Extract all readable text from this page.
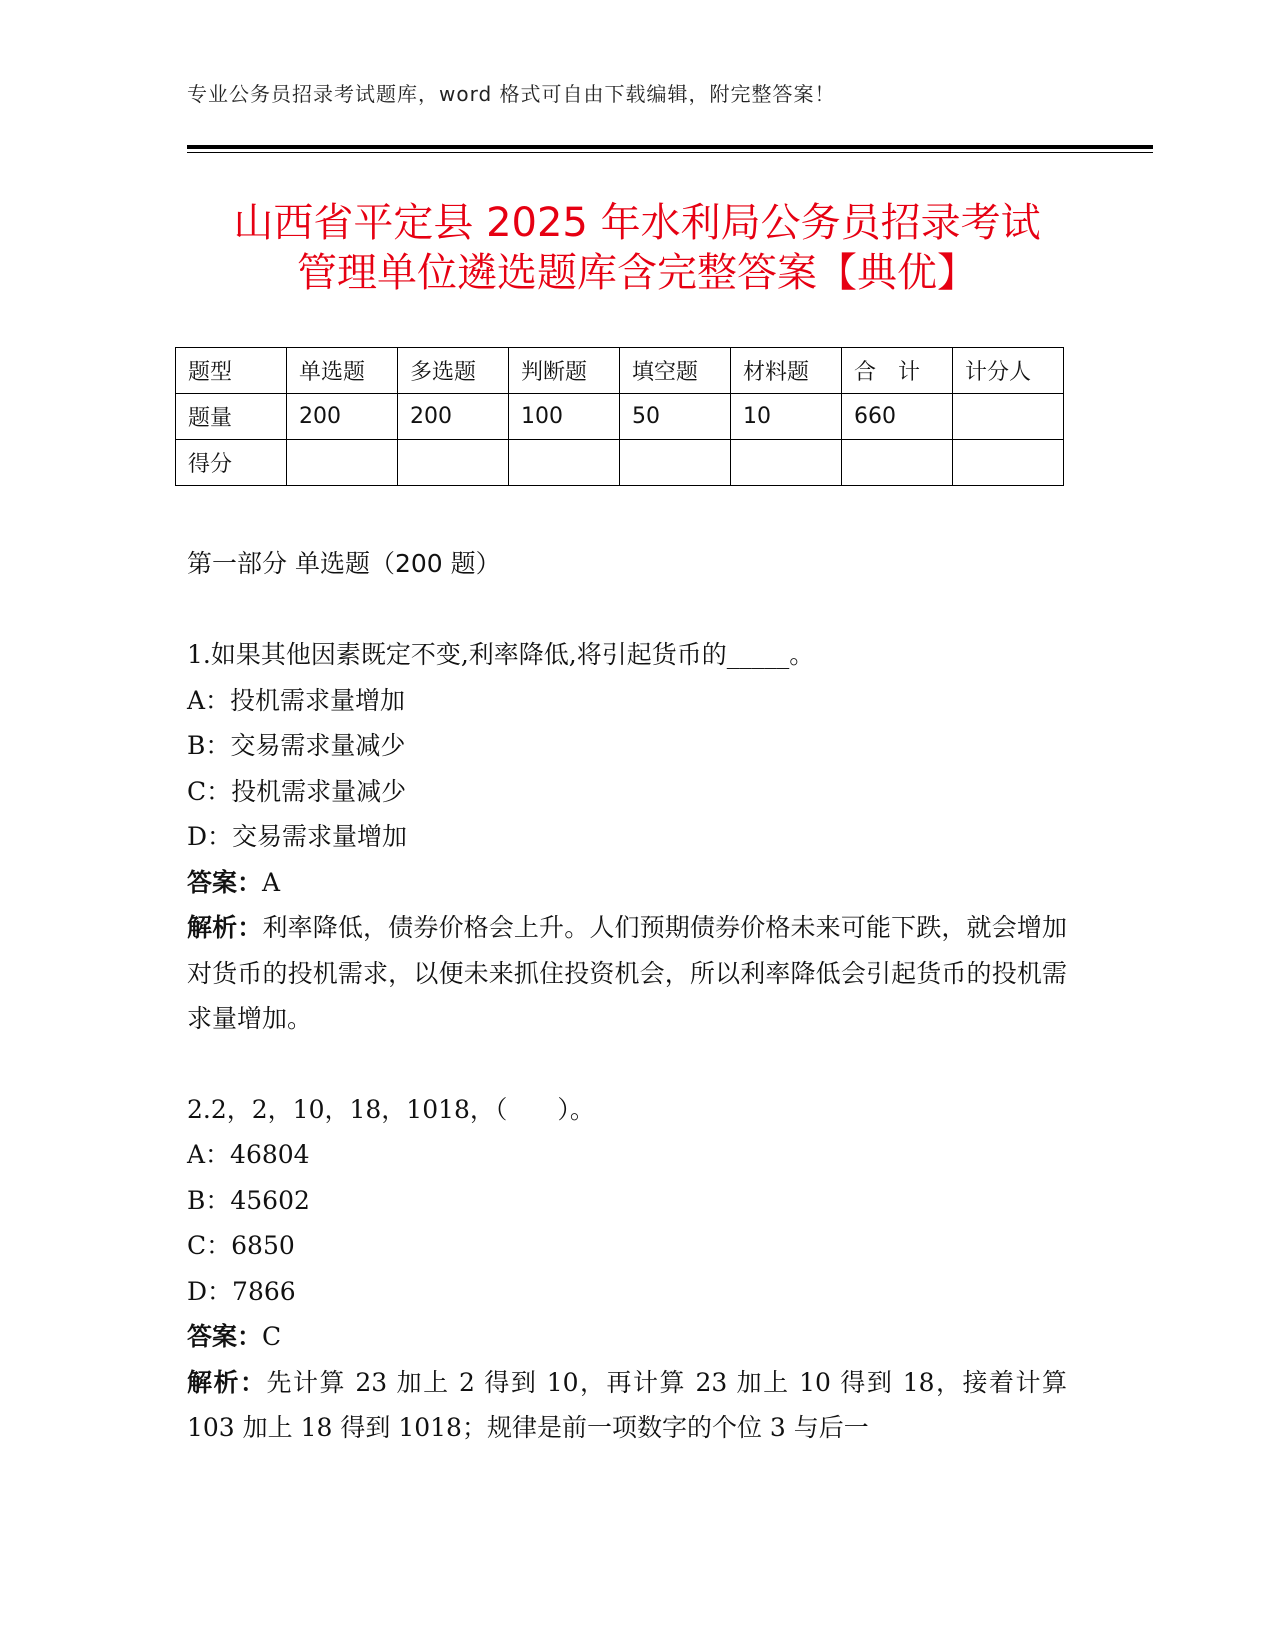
专业公务员招录考试题库，word 格式可自由下载编辑，附完整答案！
山西省平定县 2025 年水利局公务员招录考试
管理单位遴选题库含完整答案【典优】
题型	单选题	多选题	判断题	填空题	材料题	合　计	计分人
题量	200	200	100	50	10	660	
得分							
第一部分 单选题（200 题）

1.如果其他因素既定不变,利率降低,将引起货币的_____。

A：投机需求量增加

B：交易需求量减少

C：投机需求量减少

D：交易需求量增加

答案：A

解析：利率降低，债券价格会上升。人们预期债券价格未来可能下跌，就会增加对货币的投机需求，以便未来抓住投资机会，所以利率降低会引起货币的投机需求量增加。

2.2，2，10，18，1018，（　　）。

A：46804

B：45602

C：6850

D：7866

答案：C

解析：先计算 23 加上 2 得到 10，再计算 23 加上 10 得到 18，接着计算 103 加上 18 得到 1018；规律是前一项数字的个位 3 与后一
